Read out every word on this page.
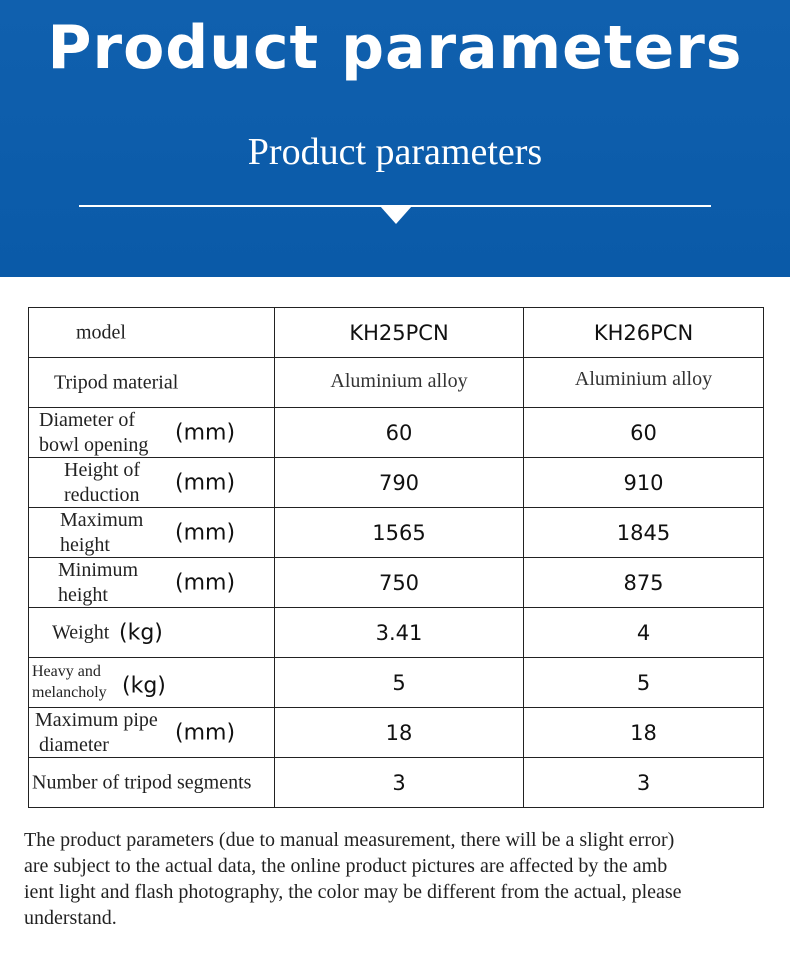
Product parameters
Product parameters
model	KH25PCN	KH26PCN

Tripod material	Aluminium alloy	Aluminium alloy

Diameter of
bowl opening (mm)	60	60

Height of
reduction (mm)	790	910

Maximum
height (mm)	1565	1845

Minimum
height (mm)	750	875

Weight (kg)	3.41	4

Heavy and
melancholy (kg)	5	5

Maximum pipe
diameter (mm)	18	18

Number of tripod segments	3	3
The product parameters (due to manual measurement, there will be a slight error)
are subject to the actual data, the online product pictures are affected by the amb
ient light and flash photography, the color may be different from the actual, please
understand.
